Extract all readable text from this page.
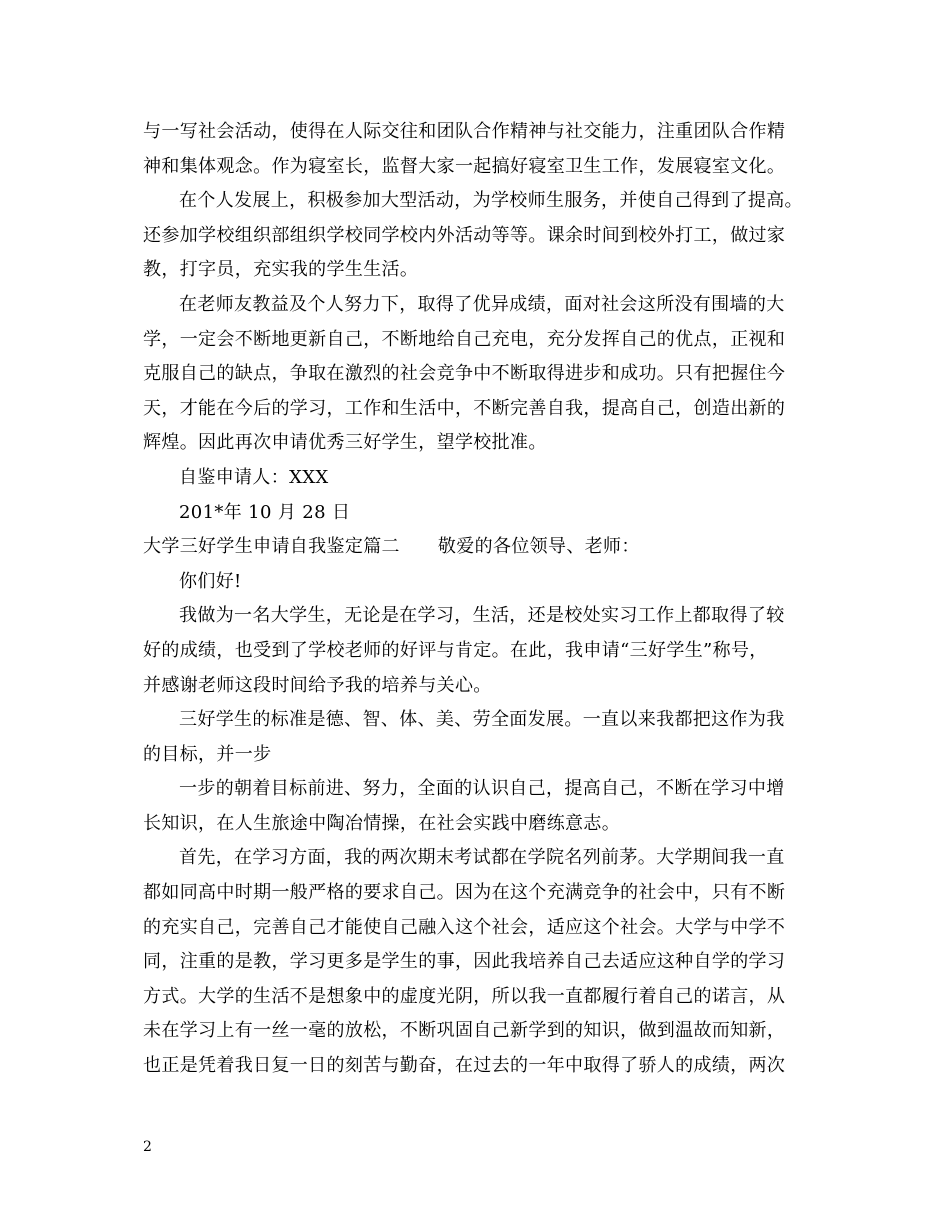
与一写社会活动，使得在人际交往和团队合作精神与社交能力，注重团队合作精
神和集体观念。作为寝室长，监督大家一起搞好寝室卫生工作，发展寝室文化。
在个人发展上，积极参加大型活动，为学校师生服务，并使自己得到了提高。
还参加学校组织部组织学校同学校内外活动等等。课余时间到校外打工，做过家
教，打字员，充实我的学生生活。
在老师友教益及个人努力下，取得了优异成绩，面对社会这所没有围墙的大
学，一定会不断地更新自己，不断地给自己充电，充分发挥自己的优点，正视和
克服自己的缺点，争取在激烈的社会竞争中不断取得进步和成功。只有把握住今
天，才能在今后的学习，工作和生活中，不断完善自我，提高自己，创造出新的
辉煌。因此再次申请优秀三好学生，望学校批准。
自鉴申请人：XXX
201*年 10 月 28 日
大学三好学生申请自我鉴定篇二 敬爱的各位领导、老师：
你们好!
我做为一名大学生，无论是在学习，生活，还是校处实习工作上都取得了较
好的成绩，也受到了学校老师的好评与肯定。在此，我申请“三好学生”称号，
并感谢老师这段时间给予我的培养与关心。
三好学生的标准是德、智、体、美、劳全面发展。一直以来我都把这作为我
的目标，并一步
一步的朝着目标前进、努力，全面的认识自己，提高自己，不断在学习中增
长知识，在人生旅途中陶冶情操，在社会实践中磨练意志。
首先，在学习方面，我的两次期末考试都在学院名列前茅。大学期间我一直
都如同高中时期一般严格的要求自己。因为在这个充满竞争的社会中，只有不断
的充实自己，完善自己才能使自己融入这个社会，适应这个社会。大学与中学不
同，注重的是教，学习更多是学生的事，因此我培养自己去适应这种自学的学习
方式。大学的生活不是想象中的虚度光阴，所以我一直都履行着自己的诺言，从
未在学习上有一丝一毫的放松，不断巩固自己新学到的知识，做到温故而知新，
也正是凭着我日复一日的刻苦与勤奋，在过去的一年中取得了骄人的成绩，两次
2
